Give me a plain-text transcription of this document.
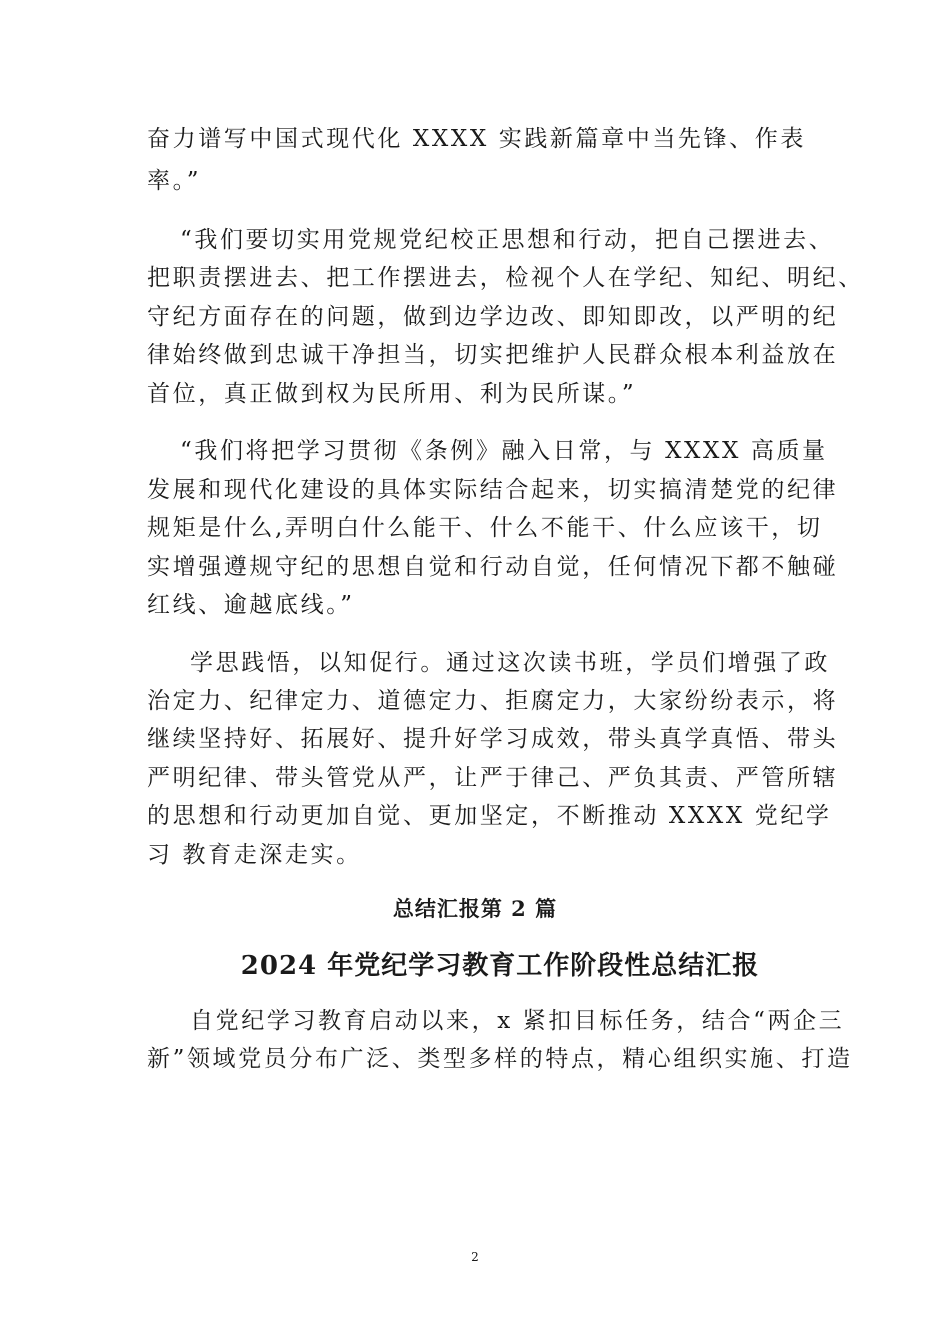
奋力谱写中国式现代化 XXXX 实践新篇章中当先锋、作表
率。”
“我们要切实用党规党纪校正思想和行动，把自己摆进去、
把职责摆进去、把工作摆进去，检视个人在学纪、知纪、明纪、
守纪方面存在的问题，做到边学边改、即知即改，以严明的纪
律始终做到忠诚干净担当，切实把维护人民群众根本利益放在
首位，真正做到权为民所用、利为民所谋。”
“我们将把学习贯彻《条例》融入日常，与 XXXX 高质量
发展和现代化建设的具体实际结合起来，切实搞清楚党的纪律
规矩是什么,弄明白什么能干、什么不能干、什么应该干，切
实增强遵规守纪的思想自觉和行动自觉，任何情况下都不触碰
红线、逾越底线。”
学思践悟，以知促行。通过这次读书班，学员们增强了政
治定力、纪律定力、道德定力、拒腐定力，大家纷纷表示，将
继续坚持好、拓展好、提升好学习成效，带头真学真悟、带头
严明纪律、带头管党从严，让严于律己、严负其责、严管所辖
的思想和行动更加自觉、更加坚定，不断推动 XXXX 党纪学
习 教育走深走实。
总结汇报第 2 篇
2024 年党纪学习教育工作阶段性总结汇报
自党纪学习教育启动以来，x 紧扣目标任务，结合“两企三
新”领域党员分布广泛、类型多样的特点，精心组织实施、打造
2
